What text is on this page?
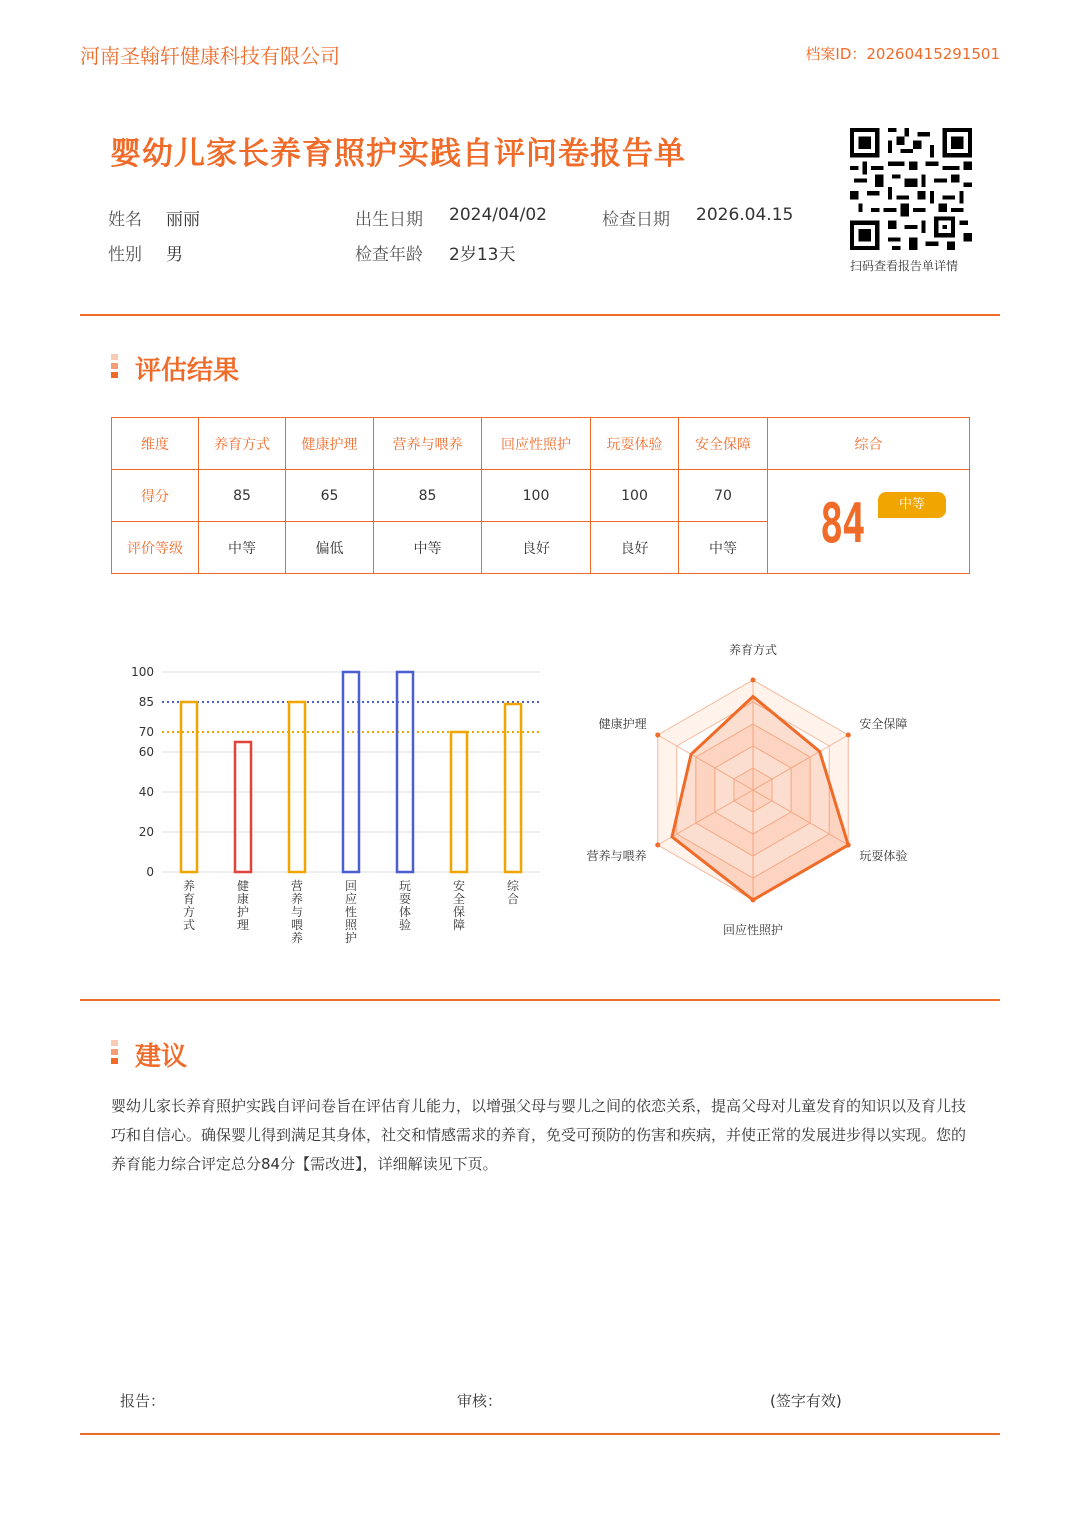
河南圣翰轩健康科技有限公司	档案ID：20260415291501
婴幼儿家长养育照护实践自评问卷报告单
姓名 丽丽
性别 男
出生日期 2024/04/02
检查年龄 2岁13天
检查日期 2026.04.15
扫码查看报告单详情
评估结果
维度	养育方式	健康护理	营养与喂养	回应性照护	玩耍体验	安全保障	综合
得分	85	65	85	100	100	70	84 中等

评价等级	中等	偏低	中等	良好	良好	中等	
0
20
40
60
70
85
100
养育方式
健康护理
营养与喂养
回应性照护
玩耍体验
安全保障
综合
养育方式
安全保障
玩耍体验
回应性照护
营养与喂养
健康护理
建议
婴幼儿家长养育照护实践自评问卷旨在评估育儿能力，以增强父母与婴儿之间的依恋关系，提高父母对儿童发育的知识以及育儿技巧和自信心。确保婴儿得到满足其身体，社交和情感需求的养育，免受可预防的伤害和疾病，并使正常的发展进步得以实现。您的养育能力综合评定总分84分【需改进】，详细解读见下页。
报告：	审核：	(签字有效)
